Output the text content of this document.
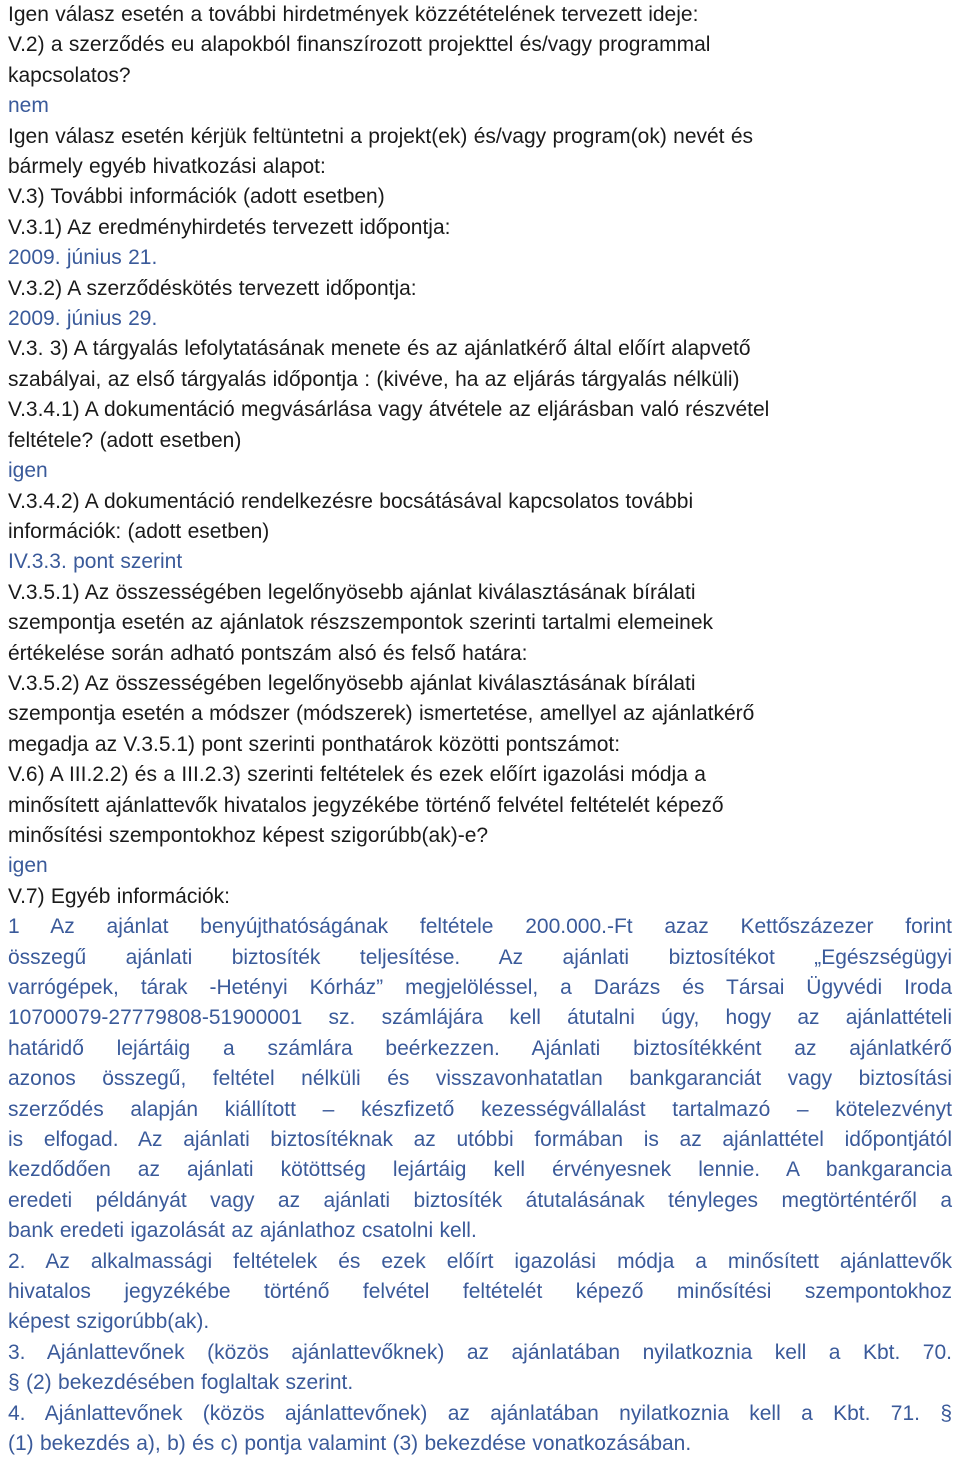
Igen válasz esetén a további hirdetmények közzétételének tervezett ideje:
V.2) a szerződés eu alapokból finanszírozott projekttel és/vagy programmal
kapcsolatos?
nem
Igen válasz esetén kérjük feltüntetni a projekt(ek) és/vagy program(ok) nevét és
bármely egyéb hivatkozási alapot:
V.3) További információk (adott esetben)
V.3.1) Az eredményhirdetés tervezett időpontja:
2009. június 21.
V.3.2) A szerződéskötés tervezett időpontja:
2009. június 29.
V.3. 3) A tárgyalás lefolytatásának menete és az ajánlatkérő által előírt alapvető
szabályai, az első tárgyalás időpontja : (kivéve, ha az eljárás tárgyalás nélküli)
V.3.4.1) A dokumentáció megvásárlása vagy átvétele az eljárásban való részvétel
feltétele? (adott esetben)
igen
V.3.4.2) A dokumentáció rendelkezésre bocsátásával kapcsolatos további
információk: (adott esetben)
IV.3.3. pont szerint
V.3.5.1) Az összességében legelőnyösebb ajánlat kiválasztásának bírálati
szempontja esetén az ajánlatok részszempontok szerinti tartalmi elemeinek
értékelése során adható pontszám alsó és felső határa:
V.3.5.2) Az összességében legelőnyösebb ajánlat kiválasztásának bírálati
szempontja esetén a módszer (módszerek) ismertetése, amellyel az ajánlatkérő
megadja az V.3.5.1) pont szerinti ponthatárok közötti pontszámot:
V.6) A III.2.2) és a III.2.3) szerinti feltételek és ezek előírt igazolási módja a
minősített ajánlattevők hivatalos jegyzékébe történő felvétel feltételét képező
minősítési szempontokhoz képest szigorúbb(ak)-e?
igen
V.7) Egyéb információk:
1 Az ajánlat benyújthatóságának feltétele 200.000.-Ft azaz Kettőszázezer forint
összegű ajánlati biztosíték teljesítése. Az ajánlati biztosítékot „Egészségügyi
varrógépek, tárak -Hetényi Kórház” megjelöléssel, a Darázs és Társai Ügyvédi Iroda
10700079-27779808-51900001 sz. számlájára kell átutalni úgy, hogy az ajánlattételi
határidő lejártáig a számlára beérkezzen. Ajánlati biztosítékként az ajánlatkérő
azonos összegű, feltétel nélküli és visszavonhatatlan bankgaranciát vagy biztosítási
szerződés alapján kiállított – készfizető kezességvállalást tartalmazó – kötelezvényt
is elfogad. Az ajánlati biztosítéknak az utóbbi formában is az ajánlattétel időpontjától
kezdődően az ajánlati kötöttség lejártáig kell érvényesnek lennie. A bankgarancia
eredeti példányát vagy az ajánlati biztosíték átutalásának tényleges megtörténtéről a
bank eredeti igazolását az ajánlathoz csatolni kell.
2. Az alkalmassági feltételek és ezek előírt igazolási módja a minősített ajánlattevők
hivatalos jegyzékébe történő felvétel feltételét képező minősítési szempontokhoz
képest szigorúbb(ak).
3. Ajánlattevőnek (közös ajánlattevőknek) az ajánlatában nyilatkoznia kell a Kbt. 70.
§ (2) bekezdésében foglaltak szerint.
4. Ajánlattevőnek (közös ajánlattevőnek) az ajánlatában nyilatkoznia kell a Kbt. 71. §
(1) bekezdés a), b) és c) pontja valamint (3) bekezdése vonatkozásában.
